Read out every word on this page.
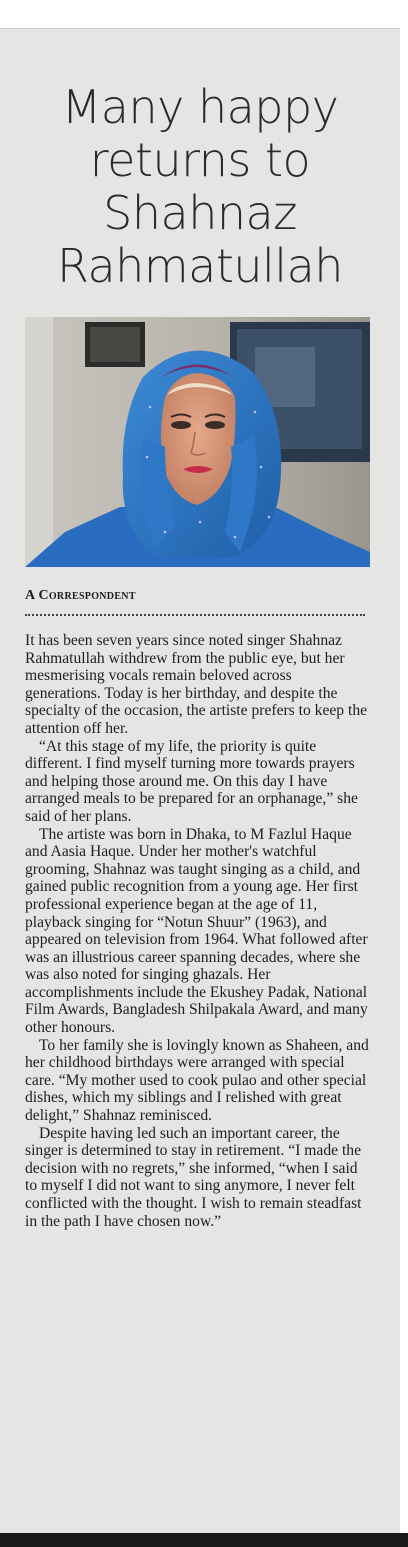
Many happy
returns to
Shahnaz
Rahmatullah
A Correspondent

It has been seven years since noted singer Shahnaz Rahmatullah withdrew from the public eye, but her mesmerising vocals remain beloved across generations. Today is her birthday, and despite the specialty of the occasion, the artiste prefers to keep the attention off her.

“At this stage of my life, the priority is quite different. I find myself turning more towards prayers and helping those around me. On this day I have arranged meals to be prepared for an orphanage,” she said of her plans.

The artiste was born in Dhaka, to M Fazlul Haque and Aasia Haque. Under her mother's watchful grooming, Shahnaz was taught singing as a child, and gained public recognition from a young age. Her first professional experience began at the age of 11, playback singing for “Notun Shuur” (1963), and appeared on television from 1964. What followed after was an illustrious career spanning decades, where she was also noted for singing ghazals. Her accomplishments include the Ekushey Padak, National Film Awards, Bangladesh Shilpakala Award, and many other honours.

To her family she is lovingly known as Shaheen, and her childhood birthdays were arranged with special care. “My mother used to cook pulao and other special dishes, which my siblings and I relished with great delight,” Shahnaz reminisced.

Despite having led such an important career, the singer is determined to stay in retirement. “I made the decision with no regrets,” she informed, “when I said to myself I did not want to sing anymore, I never felt conflicted with the thought. I wish to remain steadfast in the path I have chosen now.”
